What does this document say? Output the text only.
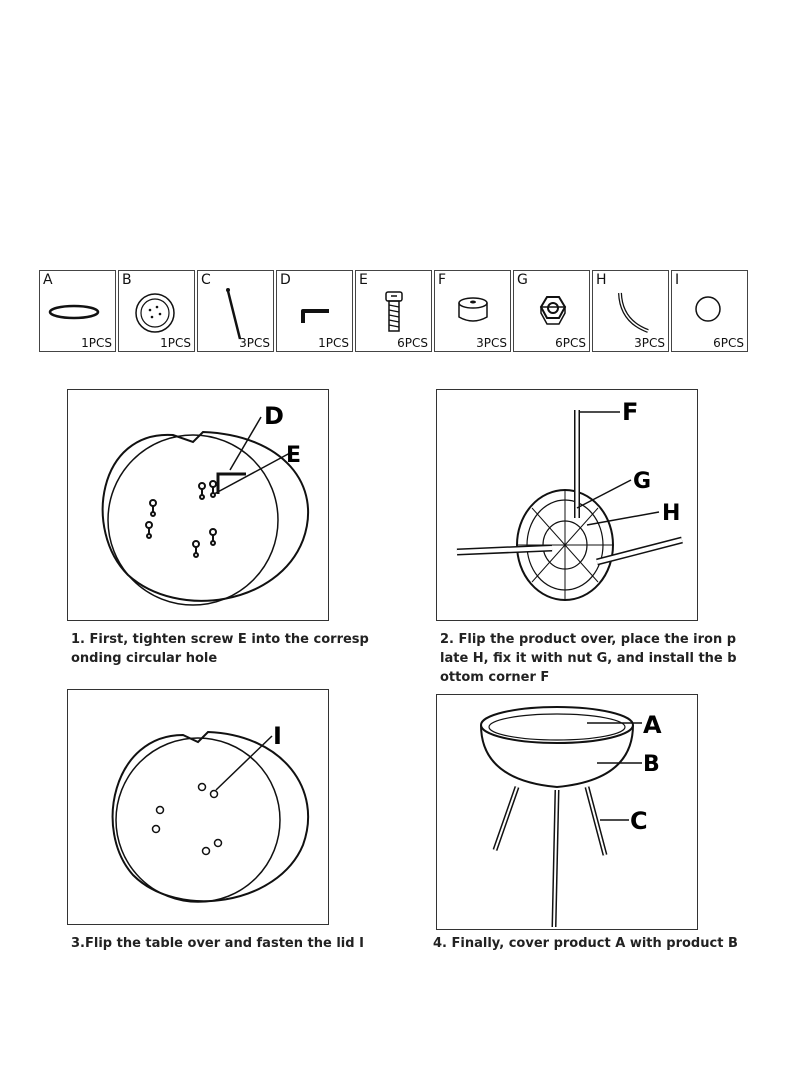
A
1PCS
B
1PCS
C
3PCS
D
1PCS
E
6PCS
F
3PCS
G
6PCS
H
3PCS
I
6PCS
D
E
1. First, tighten screw E into the corresp
onding circular hole
F
G
H
2. Flip the product over, place the iron p
late H, fix it with nut G, and install the b
ottom corner F
I
3.Flip the table over and fasten the lid I
A
B
C
4. Finally, cover product A with product B
